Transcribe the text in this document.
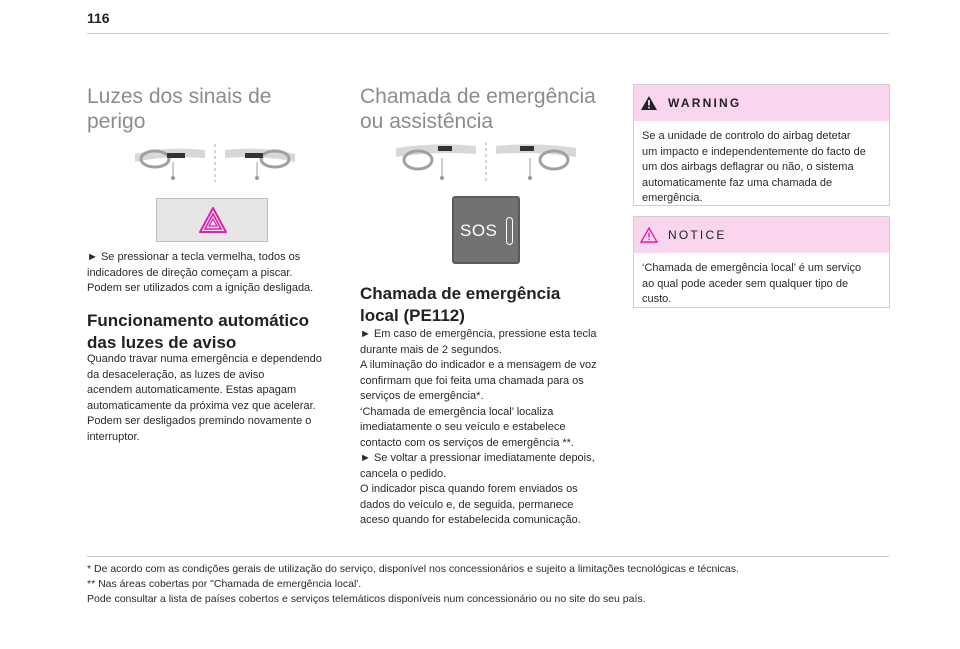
116
Luzes dos sinais de
perigo
► Se pressionar a tecla vermelha, todos os
indicadores de direção começam a piscar.
Podem ser utilizados com a ignição desligada.
Funcionamento automático
das luzes de aviso
Quando travar numa emergência e dependendo
da desaceleração, as luzes de aviso
acendem automaticamente. Estas apagam
automaticamente da próxima vez que acelerar.
Podem ser desligados premindo novamente o
interruptor.
Chamada de emergência
ou assistência
SOS
Chamada de emergência
local (PE112)
► Em caso de emergência, pressione esta tecla
durante mais de 2 segundos.
A iluminação do indicador e a mensagem de voz
confirmam que foi feita uma chamada para os
serviços de emergência*.
‘Chamada de emergência local’ localiza
imediatamente o seu veículo e estabelece
contacto com os serviços de emergência **.
► Se voltar a pressionar imediatamente depois,
cancela o pedido.
O indicador pisca quando forem enviados os
dados do veículo e, de seguida, permanece
aceso quando for estabelecida comunicação.
WARNING
Se a unidade de controlo do airbag detetar
um impacto e independentemente do facto de
um dos airbags deflagrar ou não, o sistema
automaticamente faz uma chamada de
emergência.
NOTICE
‘Chamada de emergência local’ é um serviço
ao qual pode aceder sem qualquer tipo de
custo.
* De acordo com as condições gerais de utilização do serviço, disponível nos concessionários e sujeito a limitações tecnológicas e técnicas.
** Nas áreas cobertas por "Chamada de emergência local'.
Pode consultar a lista de países cobertos e serviços telemáticos disponíveis num concessionário ou no site do seu país.
